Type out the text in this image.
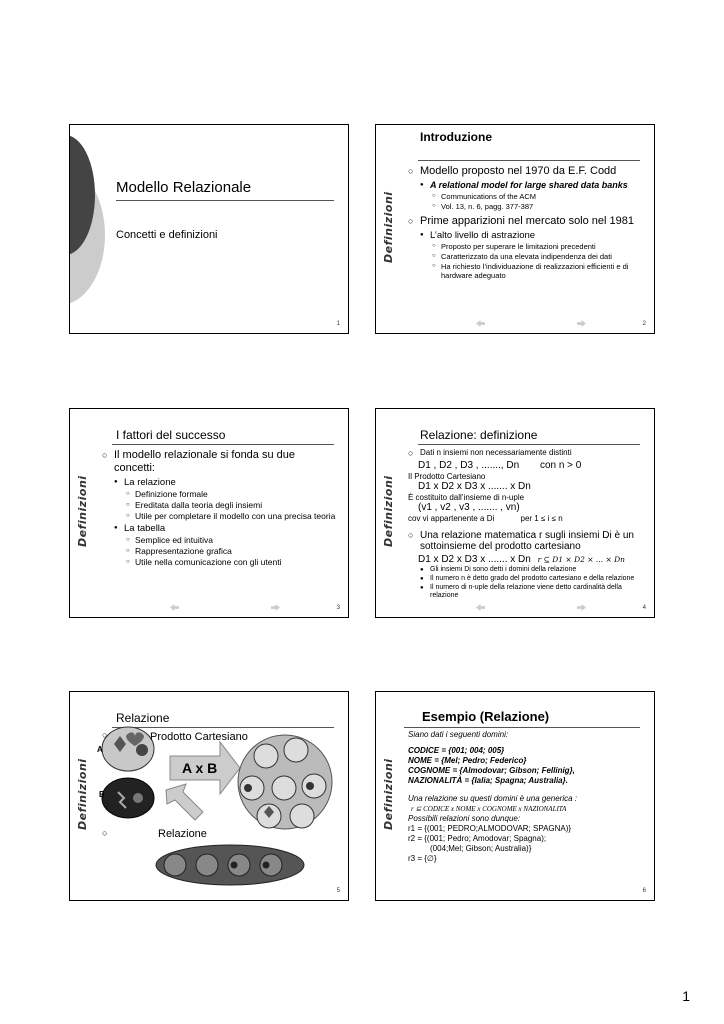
Modello Relazionale
Concetti e definizioni
1
Definizioni
Introduzione
○ Modello proposto nel 1970 da E.F. Codd
● A relational model for large shared data banks
○ Communications of the ACM
○ Vol. 13, n. 6, pagg. 377-387
○ Prime apparizioni nel mercato solo nel 1981
● L’alto livello di astrazione
○ Proposto per superare le limitazioni precedenti
○ Caratterizzato da una elevata indipendenza dei dati
○ Ha richiesto l’individuazione di realizzazioni efficienti e di hardware adeguato
2
Definizioni
I fattori del successo
○ Il modello relazionale si fonda su due concetti:
● La relazione
○ Definizione formale
○ Ereditata dalla teoria degli insiemi
○ Utile per completare il modello con una precisa teoria
● La tabella
○ Semplice ed intuitiva
○ Rappresentazione grafica
○ Utile nella comunicazione con gli utenti
3
Definizioni
Relazione: definizione
○ Dati n insiemi non necessariamente distinti
D1 , D2 , D3 , ......., Dn con n > 0
Il Prodotto Cartesiano
D1 x D2 x D3 x ....... x Dn
È costituito dall’insieme di n-uple
(v1 , v2 , v3 , ....... , vn)
cov vi appartenente a Di	per 1 ≤ i ≤ n
○ Una relazione matematica r sugli insiemi Di è un sottoinsieme del prodotto cartesiano
D1 x D2 x D3 x ....... x Dn r ⊆ D1 × D2 × ... × Dn
● Gli insiemi Di sono detti i domini della relazione
● Il numero n è detto grado del prodotto cartesiano e della relazione
● Il numero di n-uple della relazione viene detto cardinalità della relazione
4
Definizioni
Relazione
A
B
○	Prodotto Cartesiano
A x B
○	Relazione
5
Definizioni
Esempio (Relazione)
Siano dati i seguenti domini:
CODICE = {001; 004; 005}
NOME = {Mel; Pedro; Federico}
COGNOME = {Almodovar; Gibson; Fellinig},
NAZIONALITÀ = {Ialia; Spagna; Australia}.
Una relazione su questi domini è una generica :
r ⊆ CODICE x NOME x COGNOME x NAZIONALITA
Possibili relazioni sono dunque:
r1 = {(001; PEDRO;ALMODOVAR; SPAGNA)}
r2 = {(001; Pedro; Amodovar; Spagna);
(004;Mel; Gibson; Australia)}
r3 = {∅}
6
1
